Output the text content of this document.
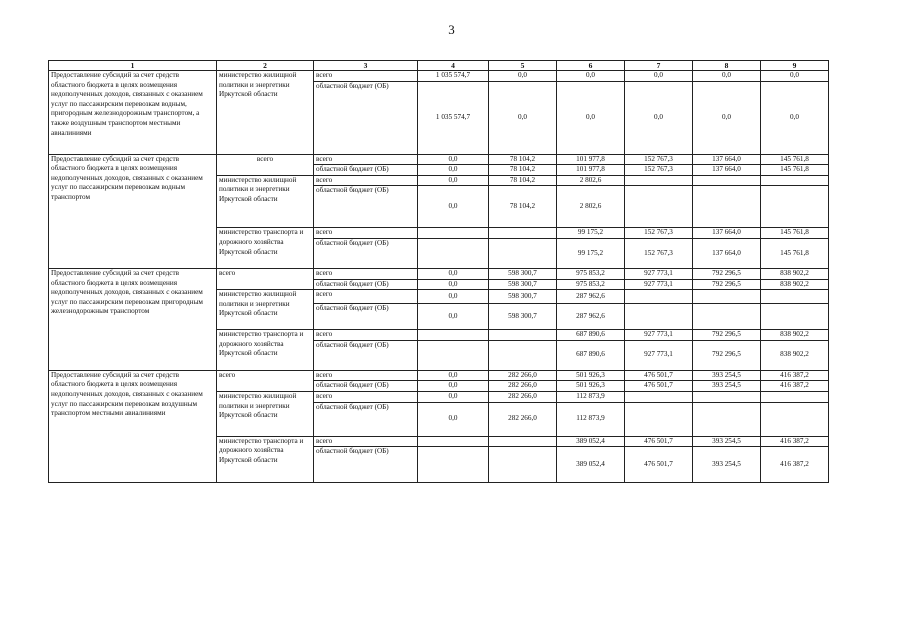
3
1	2	3	4	5	6	7	8	9
Предоставление субсидий за счет средств областного бюджета в целях возмещения недополученных доходов, связанных с оказанием услуг по пассажирским перевозкам водным, пригородным железнодорожным транспортом, а также воздушным транспортом местными авиалиниями	министерство жилищной политики и энергетики Иркутской области	всего	1 035 574,7	0,0	0,0	0,0	0,0	0,0
		областной бюджет (ОБ)	1 035 574,7	0,0	0,0	0,0	0,0	0,0
Предоставление субсидий за счет средств областного бюджета в целях возмещения недополученных доходов, связанных с оказанием услуг по пассажирским перевозкам водным транспортом	всего	всего	0,0	78 104,2	101 977,8	152 767,3	137 664,0	145 761,8
		областной бюджет (ОБ)	0,0	78 104,2	101 977,8	152 767,3	137 664,0	145 761,8
	министерство жилищной политики и энергетики Иркутской области	всего	0,0	78 104,2	2 802,6			
		областной бюджет (ОБ)	0,0	78 104,2	2 802,6			
	министерство транспорта и дорожного хозяйства Иркутской области	всего			99 175,2	152 767,3	137 664,0	145 761,8
		областной бюджет (ОБ)			99 175,2	152 767,3	137 664,0	145 761,8
Предоставление субсидий за счет средств областного бюджета в целях возмещения недополученных доходов, связанных с оказанием услуг по пассажирским перевозкам пригородным железнодорожным транспортом	всего	всего	0,0	598 300,7	975 853,2	927 773,1	792 296,5	838 902,2
		областной бюджет (ОБ)	0,0	598 300,7	975 853,2	927 773,1	792 296,5	838 902,2
	министерство жилищной политики и энергетики Иркутской области	всего	0,0	598 300,7	287 962,6			
		областной бюджет (ОБ)	0,0	598 300,7	287 962,6			
	министерство транспорта и дорожного хозяйства Иркутской области	всего			687 890,6	927 773,1	792 296,5	838 902,2
		областной бюджет (ОБ)			687 890,6	927 773,1	792 296,5	838 902,2
Предоставление субсидий за счет средств областного бюджета в целях возмещения недополученных доходов, связанных с оказанием услуг по пассажирским перевозкам воздушным транспортом местными авиалиниями	всего	всего	0,0	282 266,0	501 926,3	476 501,7	393 254,5	416 387,2
		областной бюджет (ОБ)	0,0	282 266,0	501 926,3	476 501,7	393 254,5	416 387,2
	министерство жилищной политики и энергетики Иркутской области	всего	0,0	282 266,0	112 873,9			
		областной бюджет (ОБ)	0,0	282 266,0	112 873,9			
	министерство транспорта и дорожного хозяйства Иркутской области	всего			389 052,4	476 501,7	393 254,5	416 387,2
		областной бюджет (ОБ)			389 052,4	476 501,7	393 254,5	416 387,2
